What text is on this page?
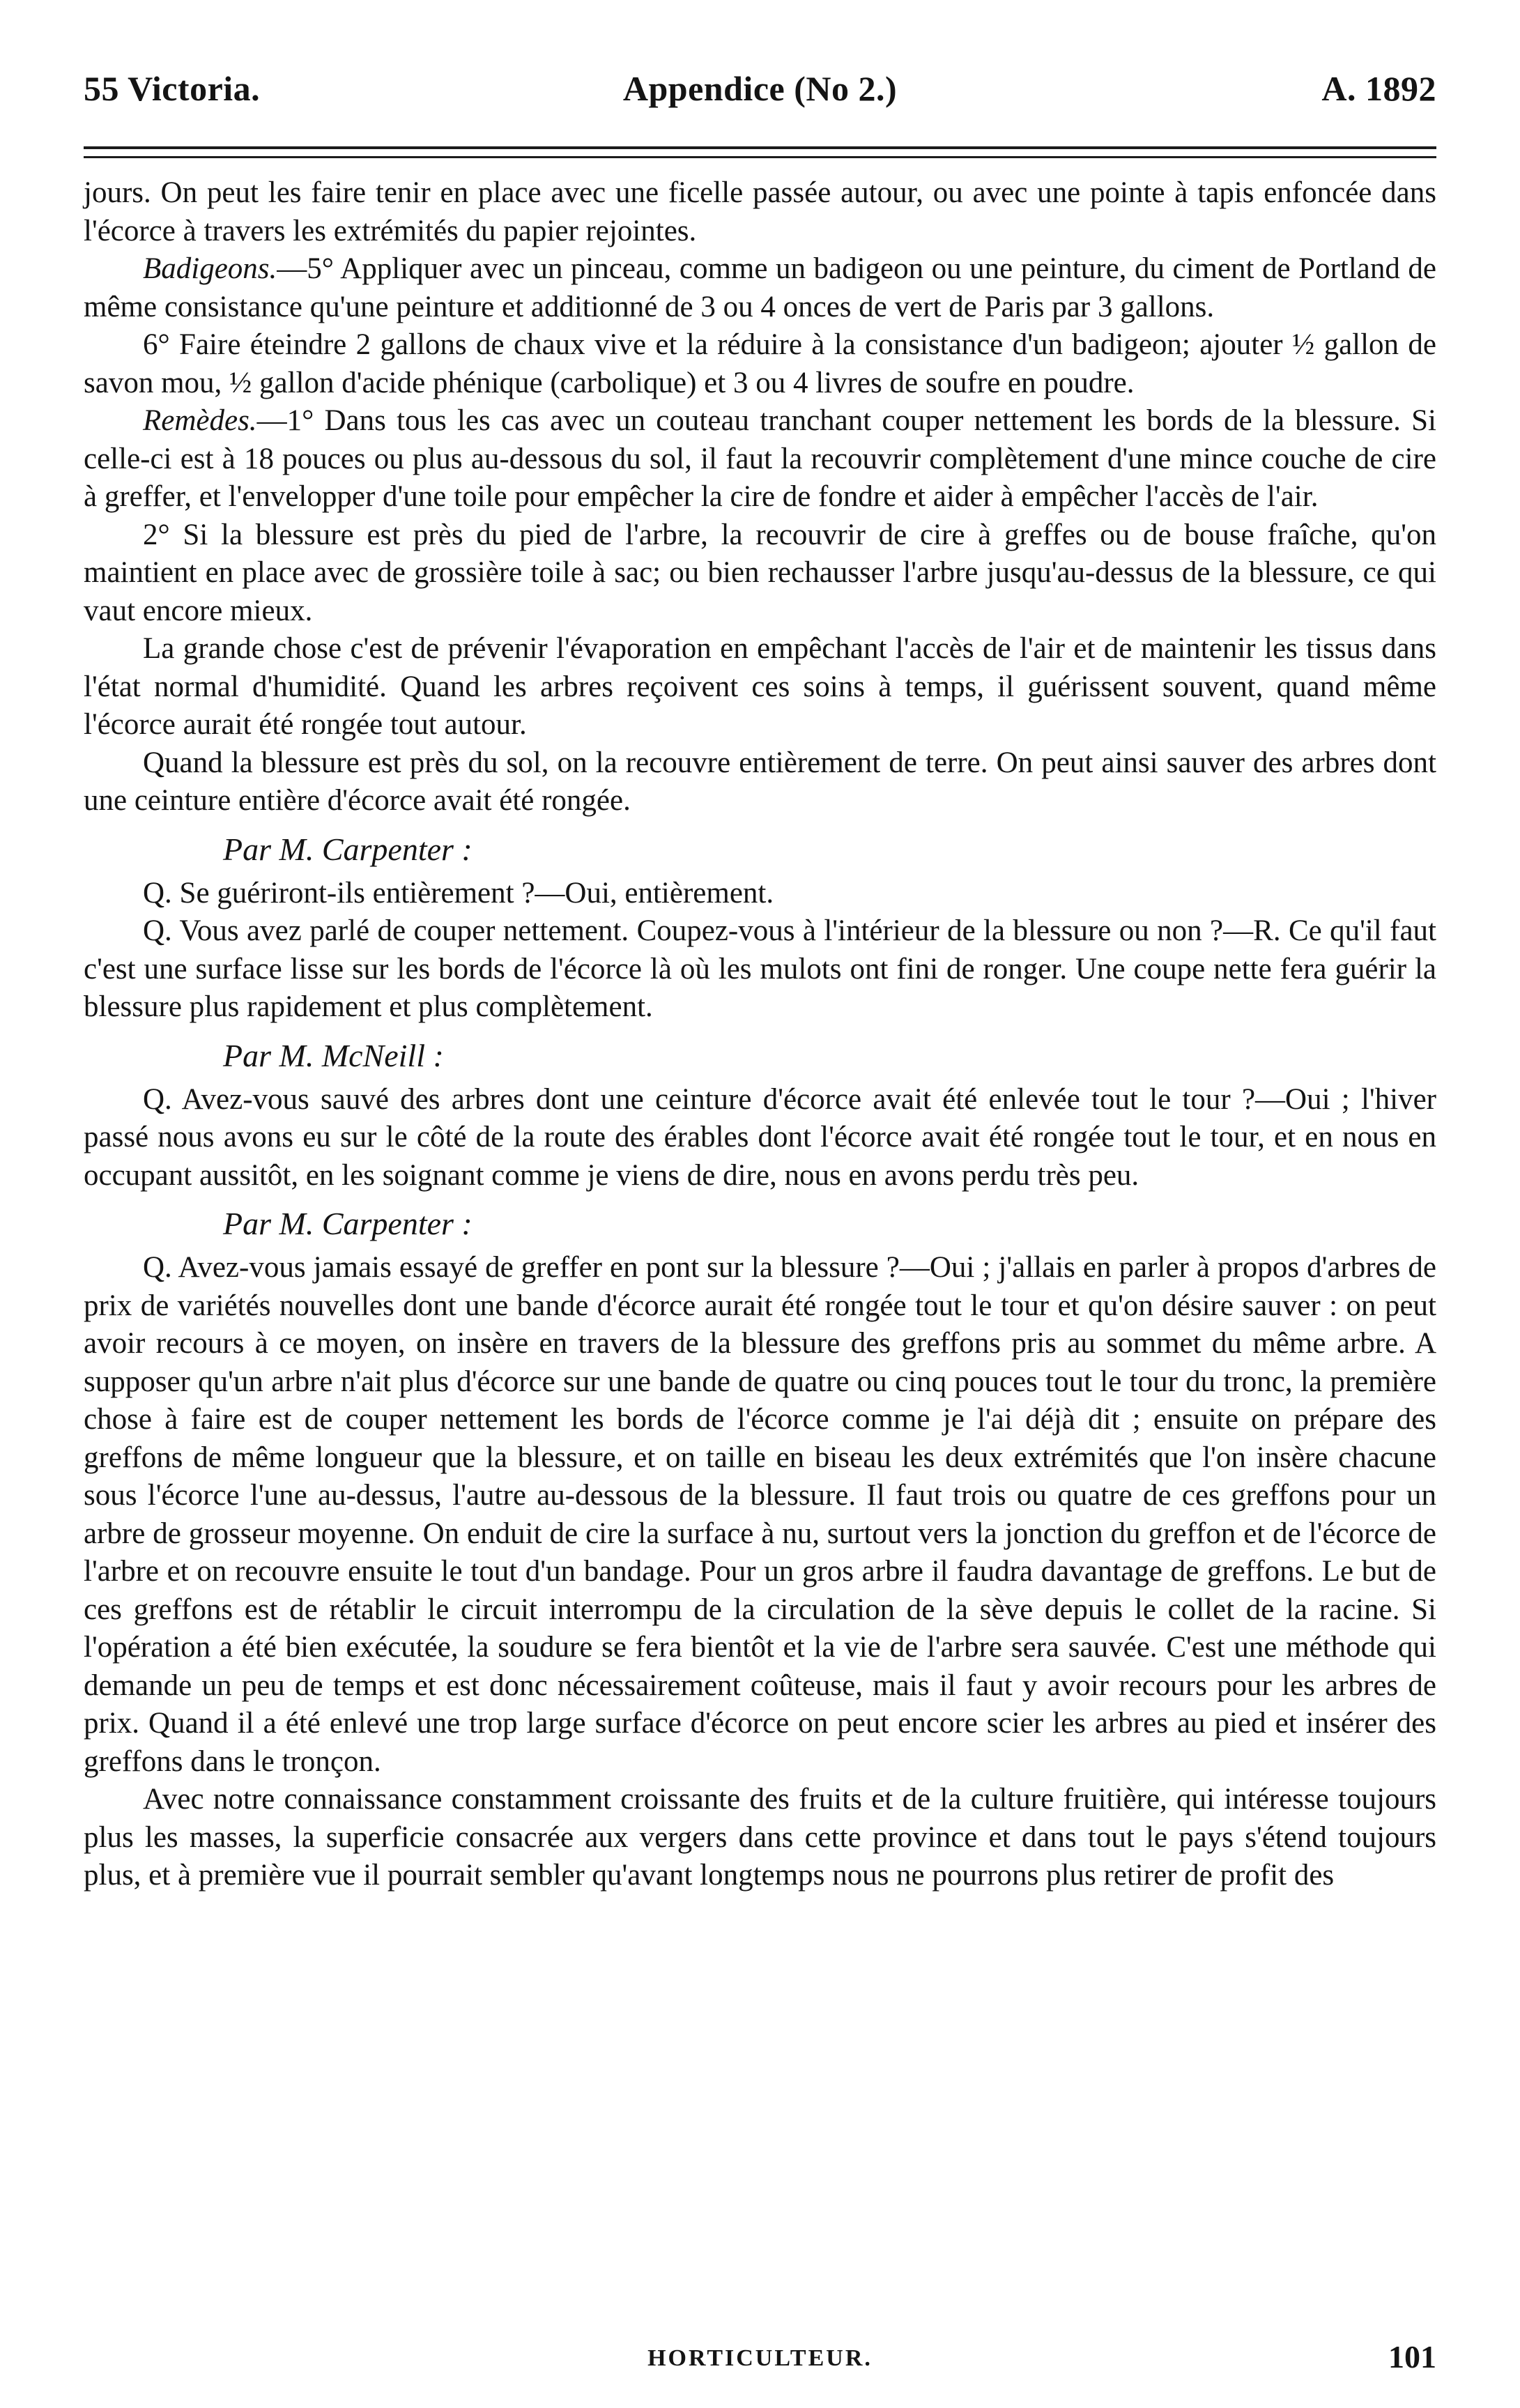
55 Victoria.	Appendice (No 2.)	A. 1892

jours. On peut les faire tenir en place avec une ficelle passée autour, ou avec une pointe à tapis enfoncée dans l'écorce à travers les extrémités du papier rejointes.

Badigeons.—5° Appliquer avec un pinceau, comme un badigeon ou une peinture, du ciment de Portland de même consistance qu'une peinture et additionné de 3 ou 4 onces de vert de Paris par 3 gallons.

6° Faire éteindre 2 gallons de chaux vive et la réduire à la consistance d'un badigeon; ajouter ½ gallon de savon mou, ½ gallon d'acide phénique (carbolique) et 3 ou 4 livres de soufre en poudre.

Remèdes.—1° Dans tous les cas avec un couteau tranchant couper nettement les bords de la blessure. Si celle-ci est à 18 pouces ou plus au-dessous du sol, il faut la recouvrir complètement d'une mince couche de cire à greffer, et l'envelopper d'une toile pour empêcher la cire de fondre et aider à empêcher l'accès de l'air.

2° Si la blessure est près du pied de l'arbre, la recouvrir de cire à greffes ou de bouse fraîche, qu'on maintient en place avec de grossière toile à sac; ou bien rechausser l'arbre jusqu'au-dessus de la blessure, ce qui vaut encore mieux.

La grande chose c'est de prévenir l'évaporation en empêchant l'accès de l'air et de maintenir les tissus dans l'état normal d'humidité. Quand les arbres reçoivent ces soins à temps, il guérissent souvent, quand même l'écorce aurait été rongée tout autour.

Quand la blessure est près du sol, on la recouvre entièrement de terre. On peut ainsi sauver des arbres dont une ceinture entière d'écorce avait été rongée.

Par M. Carpenter :

Q. Se guériront-ils entièrement ?—Oui, entièrement.

Q. Vous avez parlé de couper nettement. Coupez-vous à l'intérieur de la blessure ou non ?—R. Ce qu'il faut c'est une surface lisse sur les bords de l'écorce là où les mulots ont fini de ronger. Une coupe nette fera guérir la blessure plus rapidement et plus complètement.

Par M. McNeill :

Q. Avez-vous sauvé des arbres dont une ceinture d'écorce avait été enlevée tout le tour ?—Oui ; l'hiver passé nous avons eu sur le côté de la route des érables dont l'écorce avait été rongée tout le tour, et en nous en occupant aussitôt, en les soignant comme je viens de dire, nous en avons perdu très peu.

Par M. Carpenter :

Q. Avez-vous jamais essayé de greffer en pont sur la blessure ?—Oui ; j'allais en parler à propos d'arbres de prix de variétés nouvelles dont une bande d'écorce aurait été rongée tout le tour et qu'on désire sauver : on peut avoir recours à ce moyen, on insère en travers de la blessure des greffons pris au sommet du même arbre. A supposer qu'un arbre n'ait plus d'écorce sur une bande de quatre ou cinq pouces tout le tour du tronc, la première chose à faire est de couper nettement les bords de l'écorce comme je l'ai déjà dit ; ensuite on prépare des greffons de même longueur que la blessure, et on taille en biseau les deux extrémités que l'on insère chacune sous l'écorce l'une au-dessus, l'autre au-dessous de la blessure. Il faut trois ou quatre de ces greffons pour un arbre de grosseur moyenne. On enduit de cire la surface à nu, surtout vers la jonction du greffon et de l'écorce de l'arbre et on recouvre ensuite le tout d'un bandage. Pour un gros arbre il faudra davantage de greffons. Le but de ces greffons est de rétablir le circuit interrompu de la circulation de la sève depuis le collet de la racine. Si l'opération a été bien exécutée, la soudure se fera bientôt et la vie de l'arbre sera sauvée. C'est une méthode qui demande un peu de temps et est donc nécessairement coûteuse, mais il faut y avoir recours pour les arbres de prix. Quand il a été enlevé une trop large surface d'écorce on peut encore scier les arbres au pied et insérer des greffons dans le tronçon.

Avec notre connaissance constamment croissante des fruits et de la culture fruitière, qui intéresse toujours plus les masses, la superficie consacrée aux vergers dans cette province et dans tout le pays s'étend toujours plus, et à première vue il pourrait sembler qu'avant longtemps nous ne pourrons plus retirer de profit des

HORTICULTEUR.	101
